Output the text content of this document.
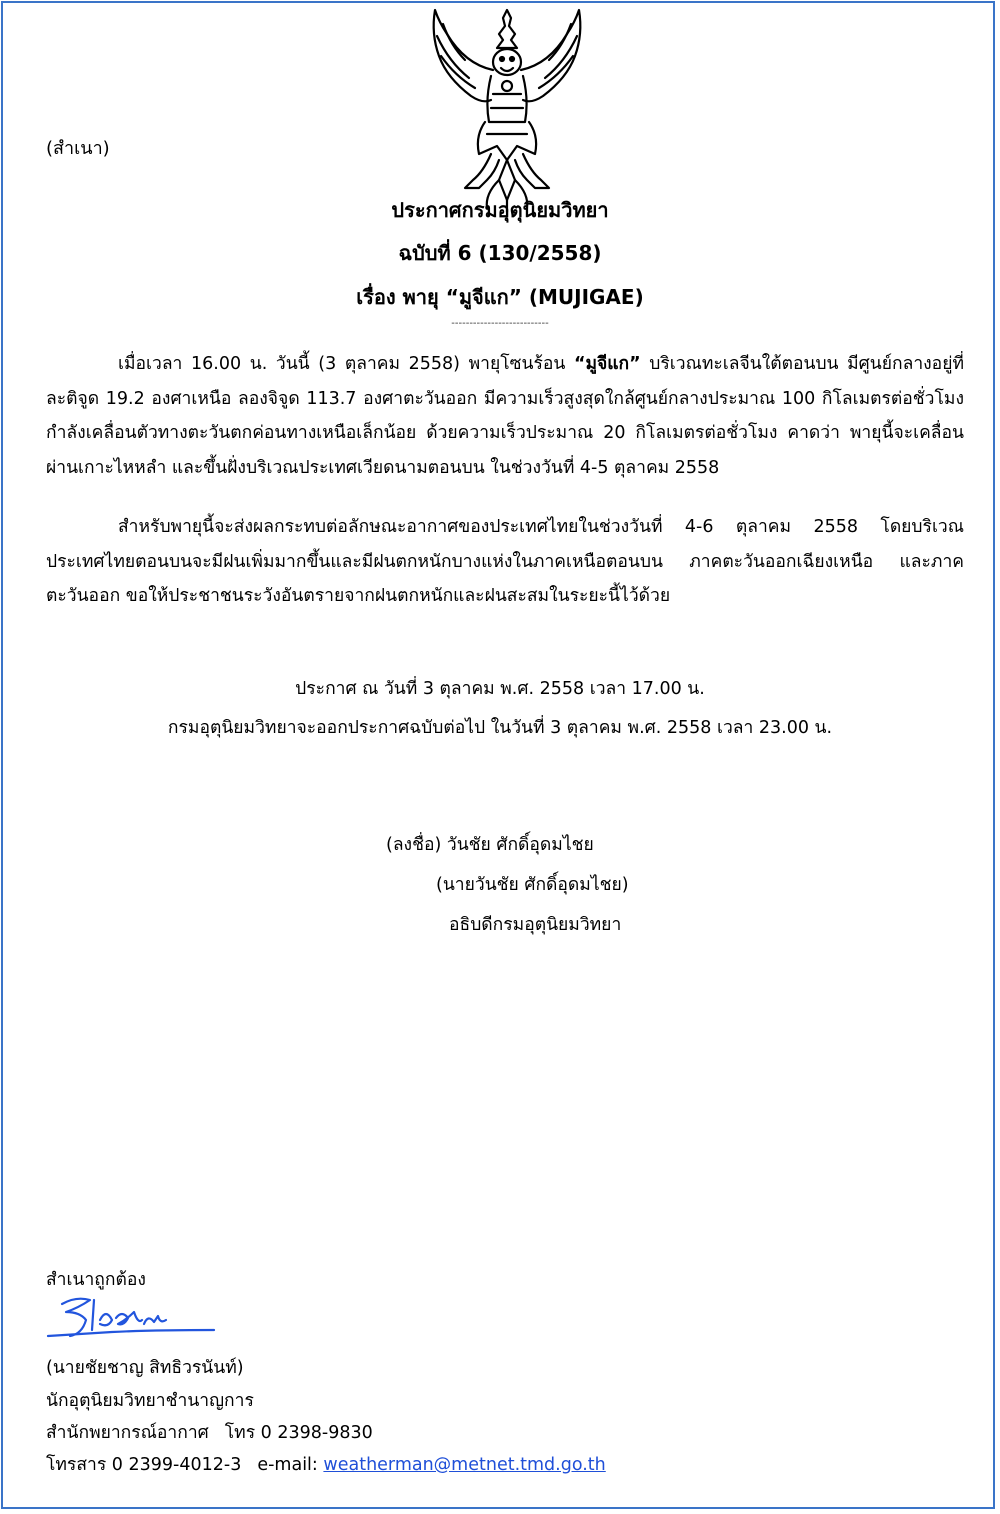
(สำเนา)
ประกาศกรมอุตุนิยมวิทยา
ฉบับที่ 6 (130/2558)
เรื่อง พายุ “มูจีแก” (MUJIGAE)
---------------------------
เมื่อเวลา 16.00 น. วันนี้ (3 ตุลาคม 2558) พายุโซนร้อน “มูจีแก” บริเวณทะเลจีนใต้ตอนบน มีศูนย์กลางอยู่ที่ละติจูด 19.2 องศาเหนือ ลองจิจูด 113.7 องศาตะวันออก มีความเร็วสูงสุดใกล้ศูนย์กลางประมาณ 100 กิโลเมตรต่อชั่วโมง กำลังเคลื่อนตัวทางตะวันตกค่อนทางเหนือเล็กน้อย ด้วยความเร็วประมาณ 20 กิโลเมตรต่อชั่วโมง คาดว่า พายุนี้จะเคลื่อนผ่านเกาะไหหลำ และขึ้นฝั่งบริเวณประเทศเวียดนามตอนบน ในช่วงวันที่ 4-5 ตุลาคม 2558
สำหรับพายุนี้จะส่งผลกระทบต่อลักษณะอากาศของประเทศไทยในช่วงวันที่ 4-6 ตุลาคม 2558 โดยบริเวณประเทศไทยตอนบนจะมีฝนเพิ่มมากขึ้นและมีฝนตกหนักบางแห่งในภาคเหนือตอนบน ภาคตะวันออกเฉียงเหนือ และภาคตะวันออก ขอให้ประชาชนระวังอันตรายจากฝนตกหนักและฝนสะสมในระยะนี้ไว้ด้วย
ประกาศ ณ วันที่ 3 ตุลาคม พ.ศ. 2558 เวลา 17.00 น.
กรมอุตุนิยมวิทยาจะออกประกาศฉบับต่อไป ในวันที่ 3 ตุลาคม พ.ศ. 2558 เวลา 23.00 น.
(ลงชื่อ) วันชัย ศักดิ์อุดมไชย
(นายวันชัย ศักดิ์อุดมไชย)
อธิบดีกรมอุตุนิยมวิทยา
สำเนาถูกต้อง
(นายชัยชาญ สิทธิวรนันท์)
นักอุตุนิยมวิทยาชำนาญการ
สำนักพยากรณ์อากาศ โทร 0 2398-9830
โทรสาร 0 2399-4012-3 e-mail: weatherman@metnet.tmd.go.th
